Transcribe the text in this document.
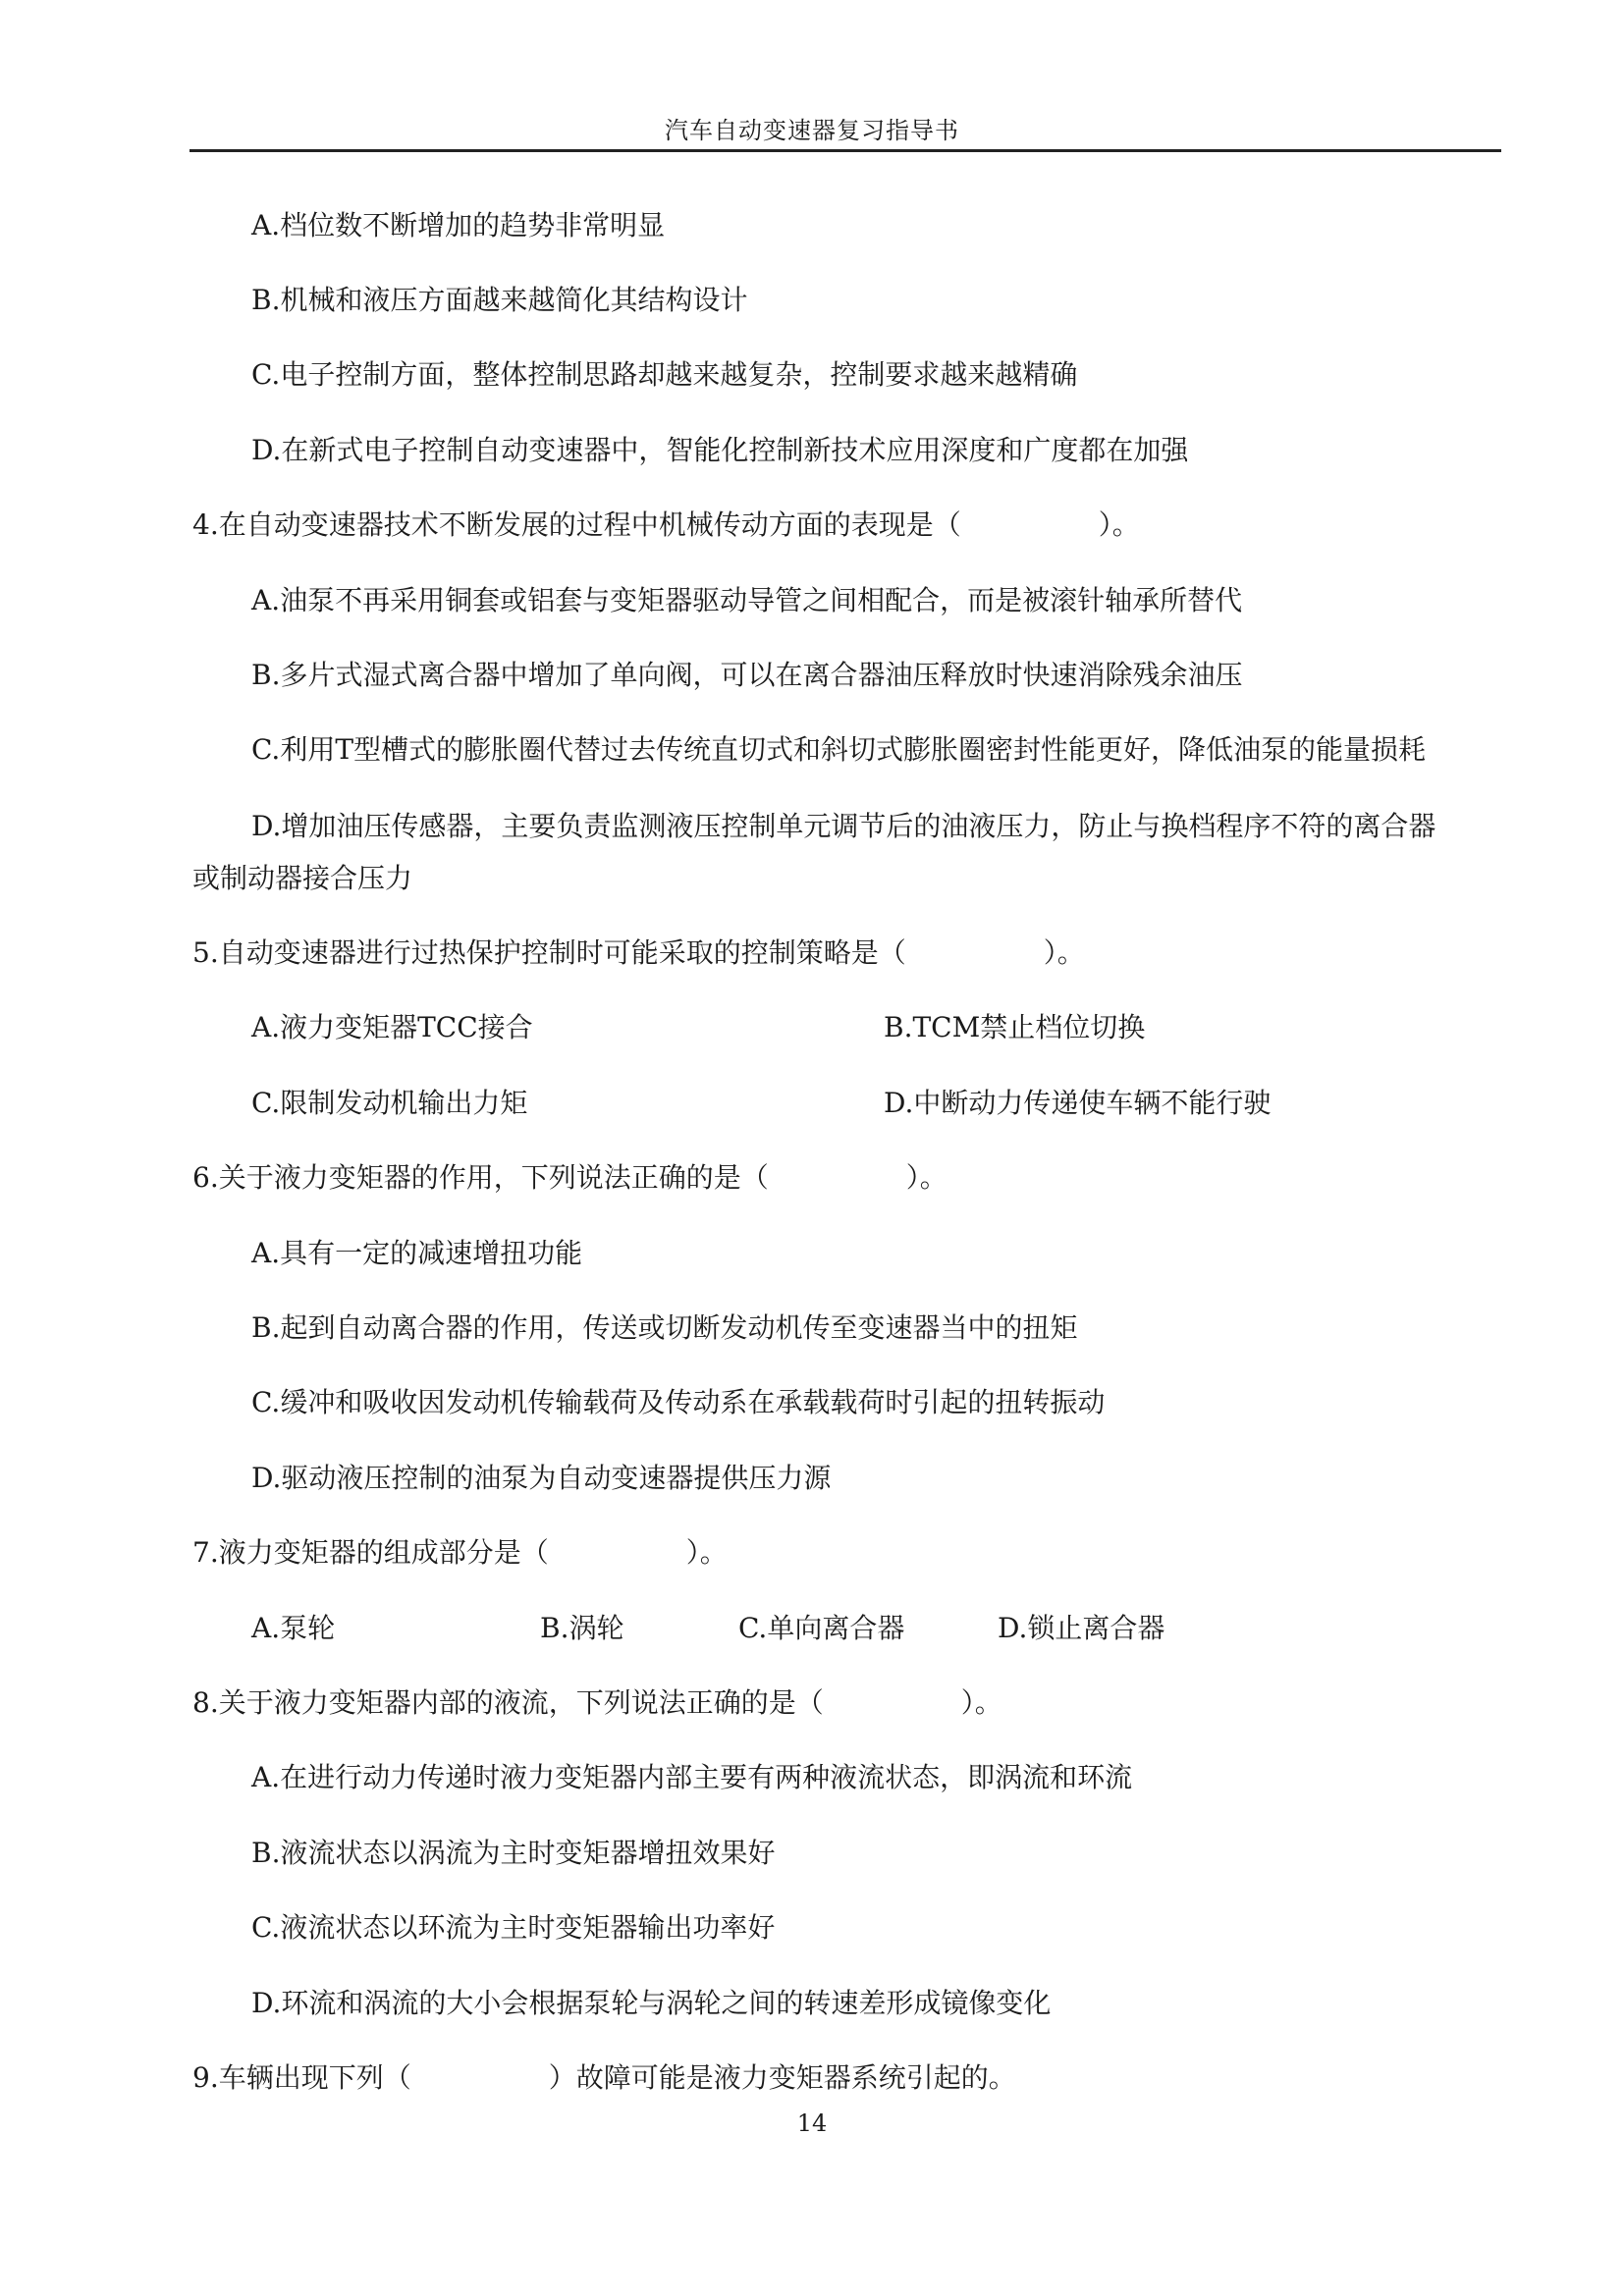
汽车自动变速器复习指导书
A.档位数不断增加的趋势非常明显
B.机械和液压方面越来越简化其结构设计
C.电子控制方面，整体控制思路却越来越复杂，控制要求越来越精确
D.在新式电子控制自动变速器中，智能化控制新技术应用深度和广度都在加强
4.在自动变速器技术不断发展的过程中机械传动方面的表现是（　　　　　）。
A.油泵不再采用铜套或铝套与变矩器驱动导管之间相配合，而是被滚针轴承所替代
B.多片式湿式离合器中增加了单向阀，可以在离合器油压释放时快速消除残余油压
C.利用T型槽式的膨胀圈代替过去传统直切式和斜切式膨胀圈密封性能更好，降低油泵的能量损耗
D.增加油压传感器，主要负责监测液压控制单元调节后的油液压力，防止与换档程序不符的离合器
或制动器接合压力
5.自动变速器进行过热保护控制时可能采取的控制策略是（　　　　　）。
A.液力变矩器TCC接合	B.TCM禁止档位切换
C.限制发动机输出力矩	D.中断动力传递使车辆不能行驶
6.关于液力变矩器的作用，下列说法正确的是（　　　　　）。
A.具有一定的减速增扭功能
B.起到自动离合器的作用，传送或切断发动机传至变速器当中的扭矩
C.缓冲和吸收因发动机传输载荷及传动系在承载载荷时引起的扭转振动
D.驱动液压控制的油泵为自动变速器提供压力源
7.液力变矩器的组成部分是（　　　　　）。
A.泵轮	B.涡轮	C.单向离合器	D.锁止离合器
8.关于液力变矩器内部的液流，下列说法正确的是（　　　　　）。
A.在进行动力传递时液力变矩器内部主要有两种液流状态，即涡流和环流
B.液流状态以涡流为主时变矩器增扭效果好
C.液流状态以环流为主时变矩器输出功率好
D.环流和涡流的大小会根据泵轮与涡轮之间的转速差形成镜像变化
9.车辆出现下列（　　　　　）故障可能是液力变矩器系统引起的。
14
